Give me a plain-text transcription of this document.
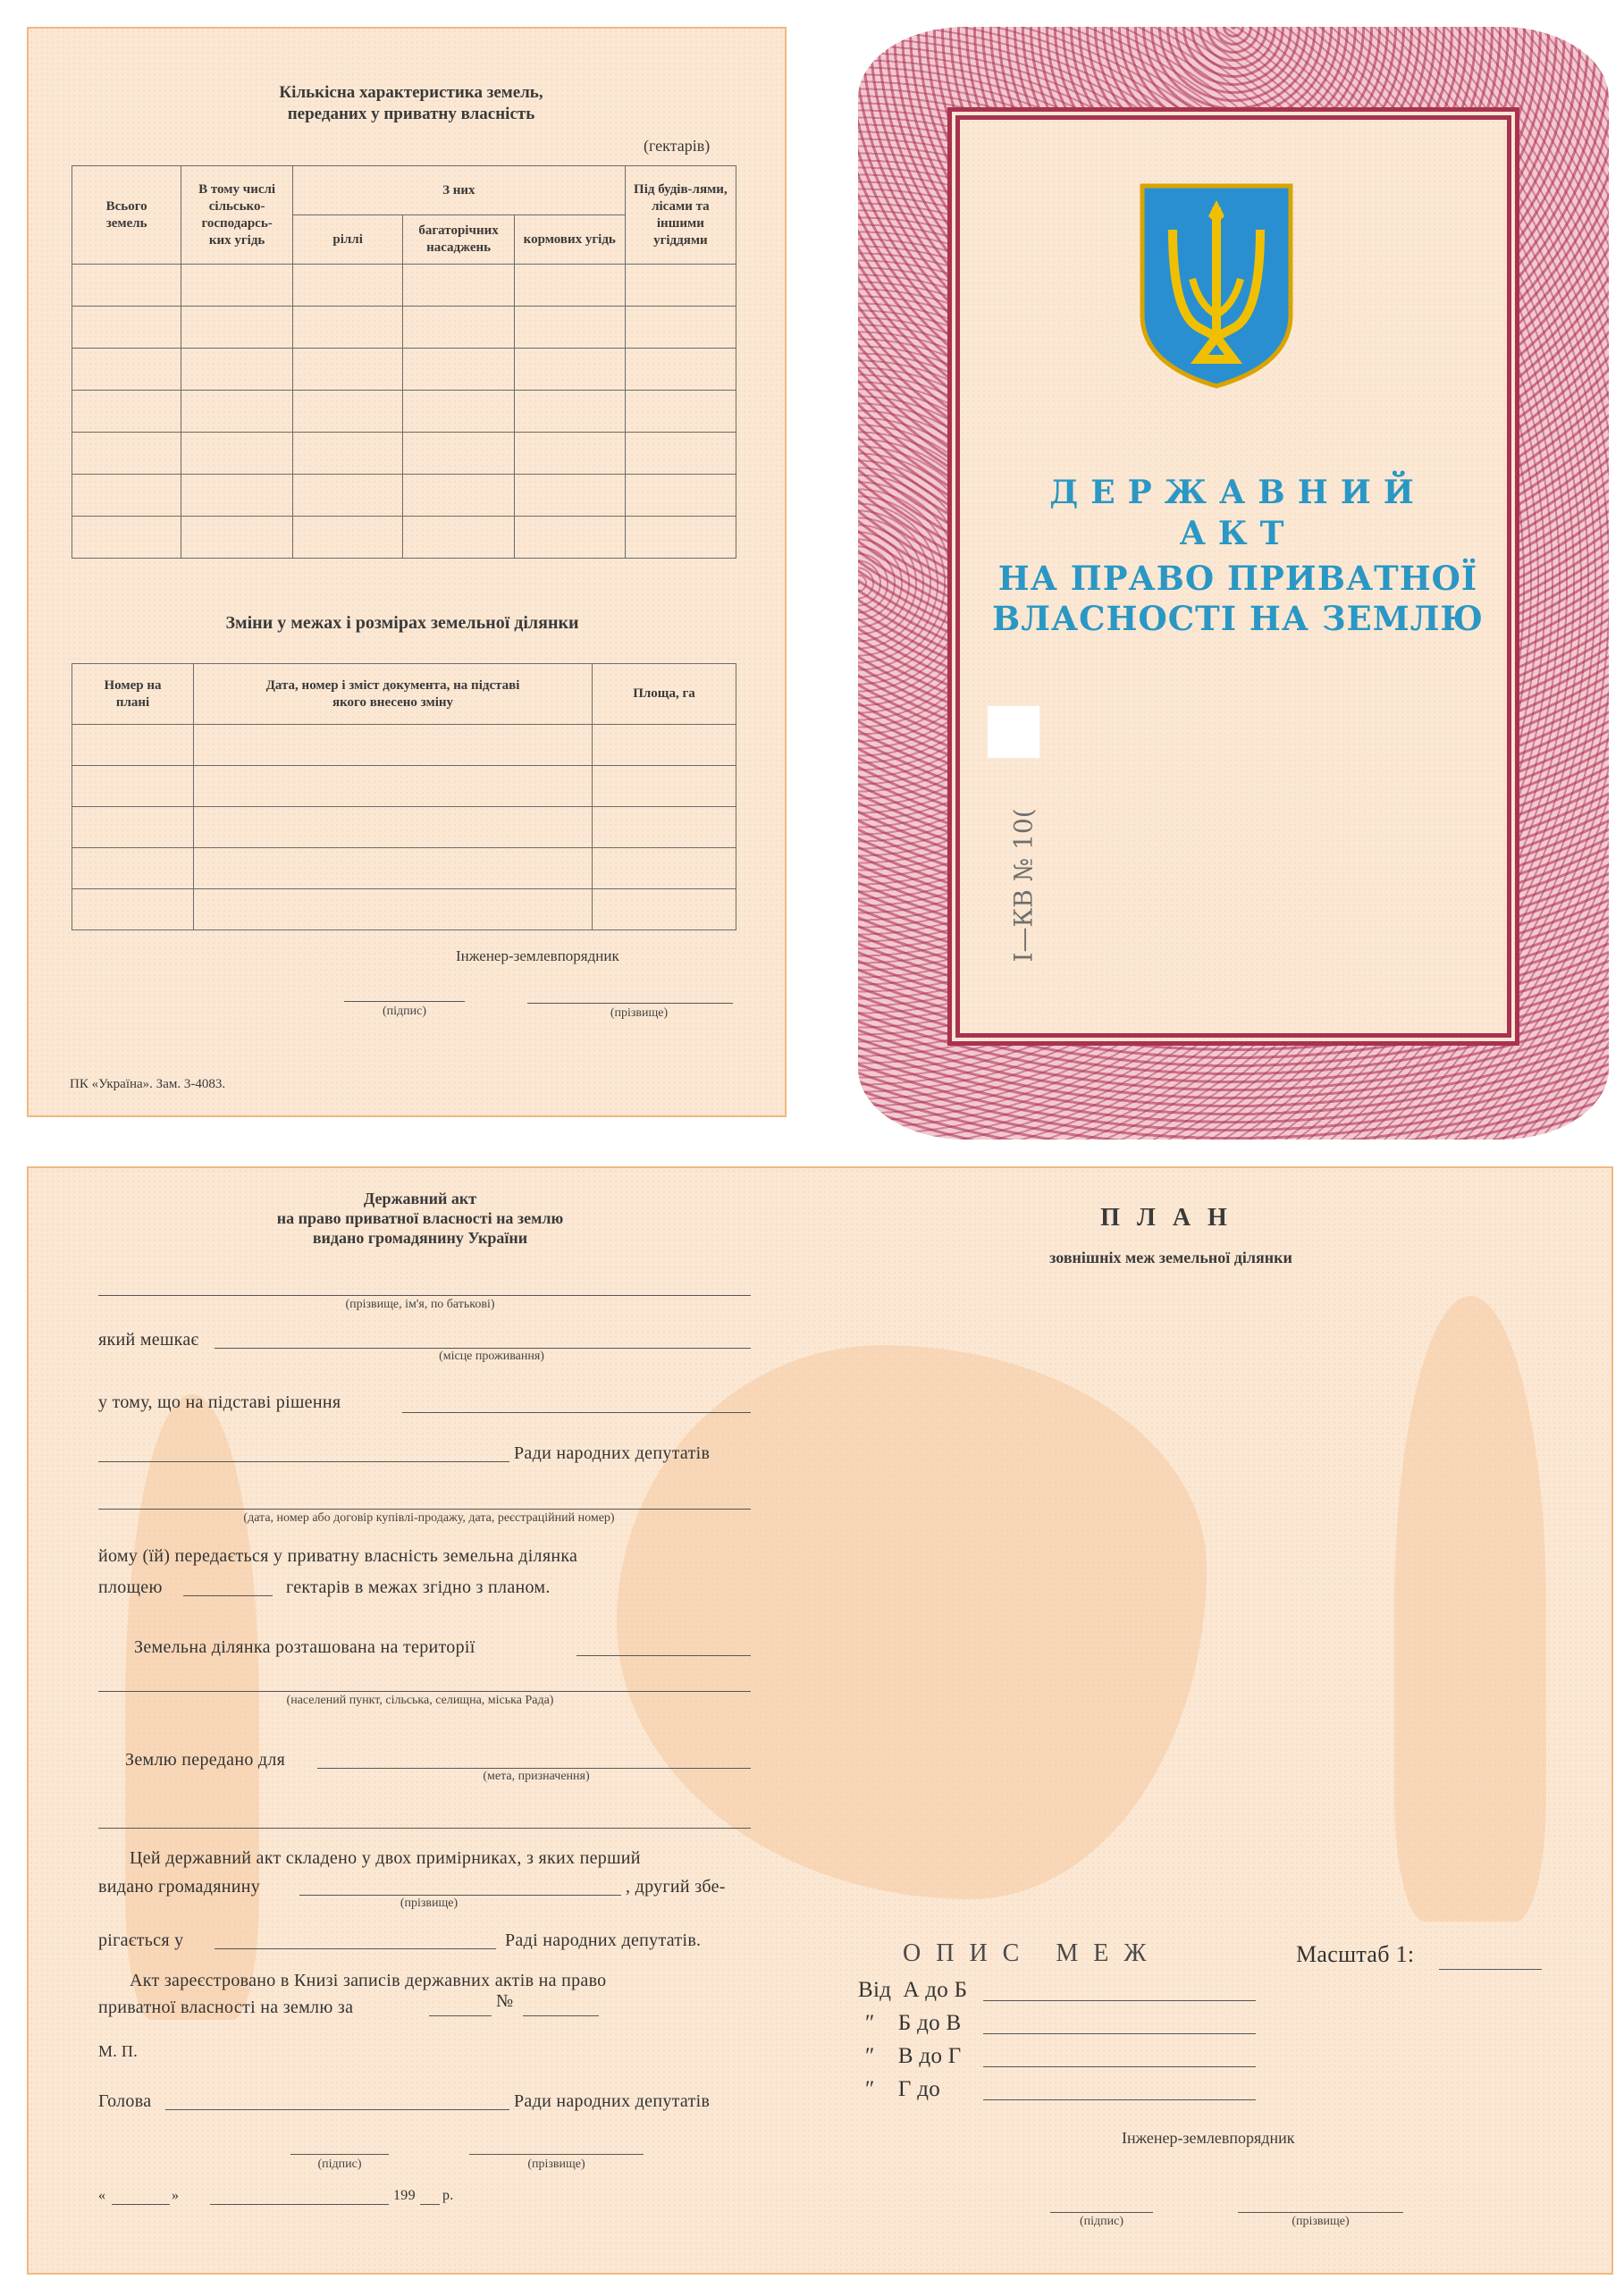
Кількісна характеристика земель,
переданих у приватну власність
(гектарів)
Всього земель	В тому числі сільсько-господарсь-ких угідь	З них			Під будів-лями, лісами та іншими угіддями

		ріллі	багаторічних насаджень	кормових угідь	

Зміни у межах і розмірах земельної ділянки
Номер на плані	Дата, номер і зміст документа, на підставі якого внесено зміну	Площа, га

Інженер-землевпорядник
(підпис)	(прізвище)
ПК «Україна». Зам. 3-4083.
ДЕРЖАВНИЙ
АКТ
НА ПРАВО ПРИВАТНОЇ
ВЛАСНОСТІ НА ЗЕМЛЮ
I—КВ № 10(
Державний акт
на право приватної власності на землю
видано громадянину України
(прізвище, ім'я, по батькові)
який мешкає
(місце проживання)
у тому, що на підставі рішення
Ради народних депутатів
(дата, номер або договір купівлі-продажу, дата, реєстраційний номер)
йому (їй) передається у приватну власність земельна ділянка
площею	гектарів в межах згідно з планом.
Земельна ділянка розташована на території
(населений пункт, сільська, селищна, міська Рада)
Землю передано для
(мета, призначення)
Цей державний акт складено у двох примірниках, з яких перший
видано громадянину	, другий збе-
(прізвище)
рігається у	Раді народних депутатів.
Акт зареєстровано в Книзі записів державних актів на право
приватної власності на землю за	№
М. П.
Голова	Ради народних депутатів
(підпис)	(прізвище)
«	»	199 р.
П Л А Н
зовнішніх меж земельної ділянки
О П И С   М Е Ж	Масштаб 1:
Від  А до Б
″    Б до В
″    В до Г
″    Г до
Інженер-землевпорядник
(підпис)	(прізвище)
